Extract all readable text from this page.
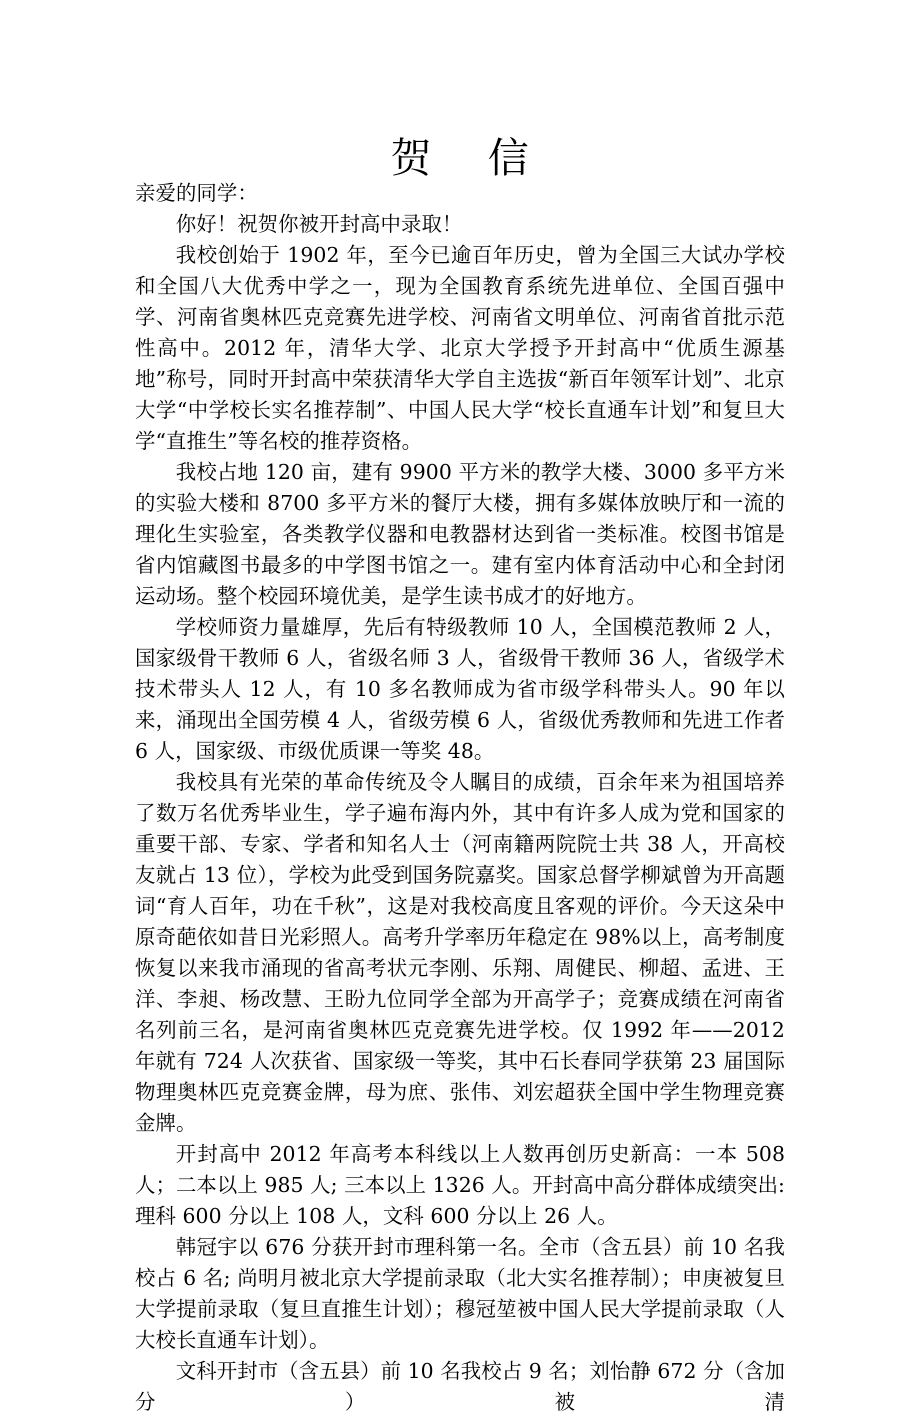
贺    信

亲爱的同学：

你好！祝贺你被开封高中录取！

我校创始于 1902 年，至今已逾百年历史，曾为全国三大试办学校和全国八大优秀中学之一，现为全国教育系统先进单位、全国百强中学、河南省奥林匹克竞赛先进学校、河南省文明单位、河南省首批示范性高中。2012 年，清华大学、北京大学授予开封高中“优质生源基地”称号，同时开封高中荣获清华大学自主选拔“新百年领军计划”、北京大学“中学校长实名推荐制”、中国人民大学“校长直通车计划”和复旦大学“直推生”等名校的推荐资格。

我校占地 120 亩，建有 9900 平方米的教学大楼、3000 多平方米的实验大楼和 8700 多平方米的餐厅大楼，拥有多媒体放映厅和一流的理化生实验室，各类教学仪器和电教器材达到省一类标准。校图书馆是省内馆藏图书最多的中学图书馆之一。建有室内体育活动中心和全封闭运动场。整个校园环境优美，是学生读书成才的好地方。

学校师资力量雄厚，先后有特级教师 10 人，全国模范教师 2 人，国家级骨干教师 6 人，省级名师 3 人，省级骨干教师 36 人，省级学术技术带头人 12 人，有 10 多名教师成为省市级学科带头人。90 年以来，涌现出全国劳模 4 人，省级劳模 6 人，省级优秀教师和先进工作者 6 人，国家级、市级优质课一等奖 48。

我校具有光荣的革命传统及令人瞩目的成绩，百余年来为祖国培养了数万名优秀毕业生，学子遍布海内外，其中有许多人成为党和国家的重要干部、专家、学者和知名人士（河南籍两院院士共 38 人，开高校友就占 13 位），学校为此受到国务院嘉奖。国家总督学柳斌曾为开高题词“育人百年，功在千秋”，这是对我校高度且客观的评价。今天这朵中原奇葩依如昔日光彩照人。高考升学率历年稳定在 98%以上，高考制度恢复以来我市涌现的省高考状元李刚、乐翔、周健民、柳超、孟进、王洋、李昶、杨改慧、王盼九位同学全部为开高学子；竞赛成绩在河南省名列前三名，是河南省奥林匹克竞赛先进学校。仅 1992 年——2012 年就有 724 人次获省、国家级一等奖，其中石长春同学获第 23 届国际物理奥林匹克竞赛金牌，母为庶、张伟、刘宏超获全国中学生物理竞赛金牌。

开封高中 2012 年高考本科线以上人数再创历史新高：一本 508 人；二本以上 985 人; 三本以上 1326 人。开封高中高分群体成绩突出: 理科 600 分以上 108 人，文科 600 分以上 26 人。

韩冠宇以 676 分获开封市理科第一名。全市（含五县）前 10 名我校占 6 名; 尚明月被北京大学提前录取（北大实名推荐制）；申庚被复旦大学提前录取（复旦直推生计划）；穆冠堃被中国人民大学提前录取（人大校长直通车计划）。

文科开封市（含五县）前 10 名我校占 9 名；刘怡静 672 分（含加分）被清
